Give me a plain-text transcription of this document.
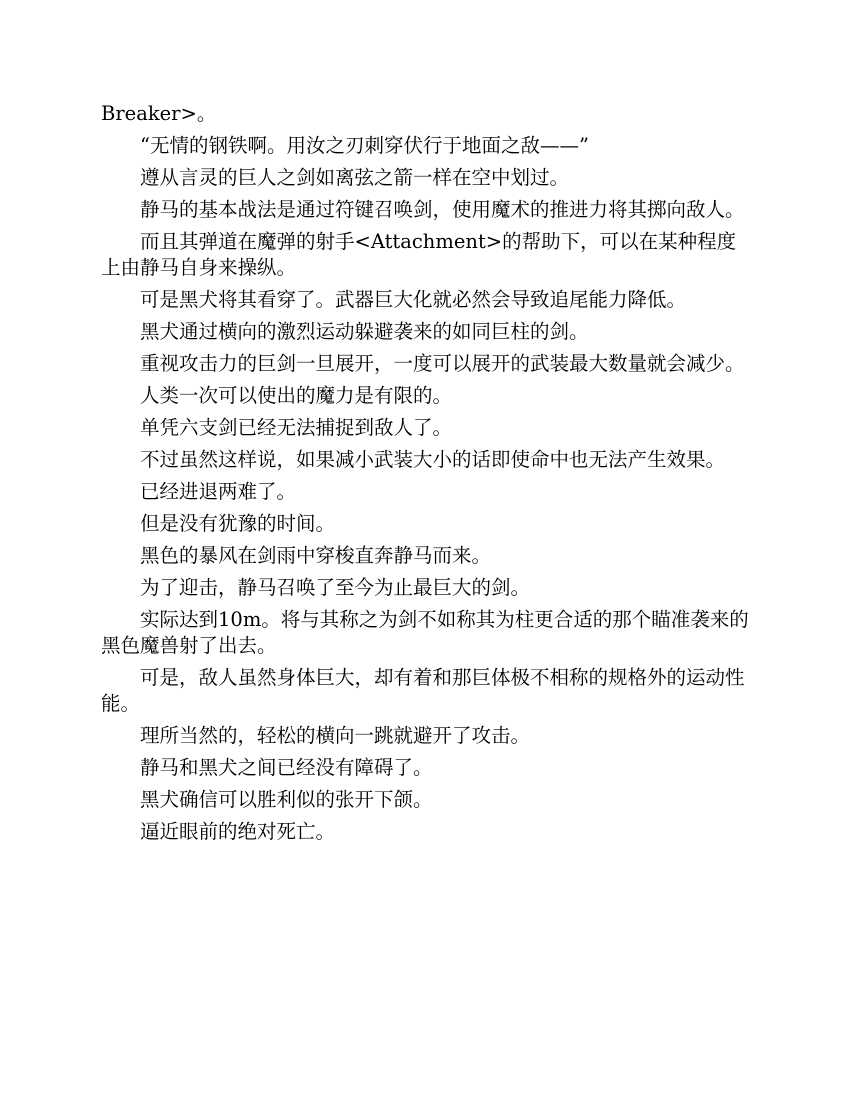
Breaker>。

“无情的钢铁啊。用汝之刃刺穿伏行于地面之敌——”

遵从言灵的巨人之剑如离弦之箭一样在空中划过。

静马的基本战法是通过符键召唤剑，使用魔术的推进力将其掷向敌人。

而且其弹道在魔弹的射手<Attachment>的帮助下，可以在某种程度上由静马自身来操纵。

可是黑犬将其看穿了。武器巨大化就必然会导致追尾能力降低。

黑犬通过横向的激烈运动躲避袭来的如同巨柱的剑。

重视攻击力的巨剑一旦展开，一度可以展开的武装最大数量就会减少。

人类一次可以使出的魔力是有限的。

单凭六支剑已经无法捕捉到敌人了。

不过虽然这样说，如果减小武装大小的话即使命中也无法产生效果。

已经进退两难了。

但是没有犹豫的时间。

黑色的暴风在剑雨中穿梭直奔静马而来。

为了迎击，静马召唤了至今为止最巨大的剑。

实际达到10m。将与其称之为剑不如称其为柱更合适的那个瞄准袭来的黑色魔兽射了出去。

可是，敌人虽然身体巨大，却有着和那巨体极不相称的规格外的运动性能。

理所当然的，轻松的横向一跳就避开了攻击。

静马和黑犬之间已经没有障碍了。

黑犬确信可以胜利似的张开下颌。

逼近眼前的绝对死亡。
